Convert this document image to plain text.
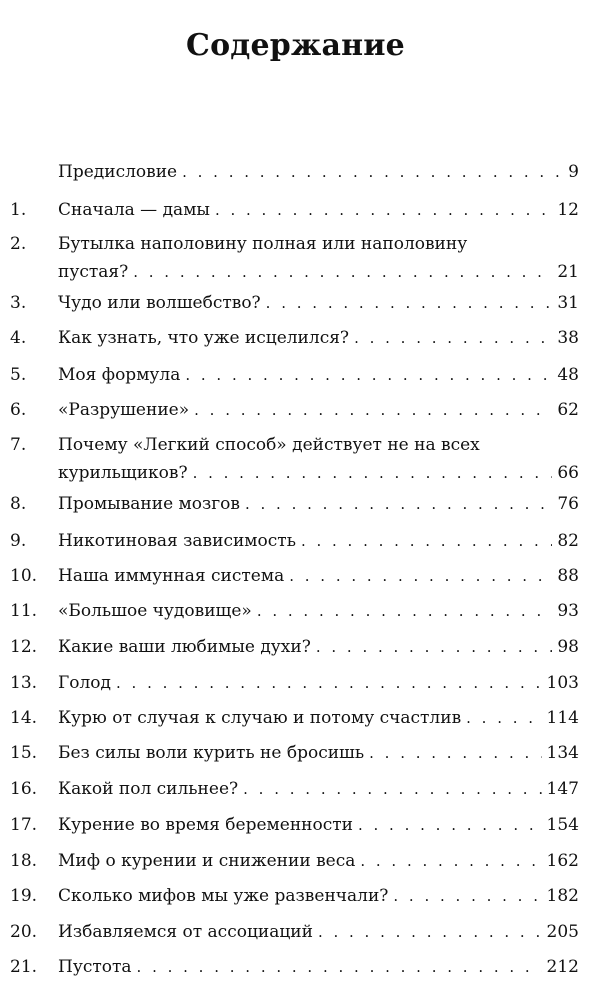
Содержание
Предисловие . . .	9
1. Сначала — дамы . . .	12
2. Бутылка наполовину полная или наполовину
пустая? . . .	21
3. Чудо или волшебство? . . .	31
4. Как узнать, что уже исцелился? . . .	38
5. Моя формула . . .	48
6. «Разрушение» . . .	62
7. Почему «Легкий способ» действует не на всех
курильщиков? . . .	66
8. Промывание мозгов . . .	76
9. Никотиновая зависимость . . .	82
10. Наша иммунная система . . .	88
11. «Большое чудовище» . . .	93
12. Какие ваши любимые духи? . . .	98
13. Голод . . .	103
14. Курю от случая к случаю и потому счастлив . . .	114
15. Без силы воли курить не бросишь . . .	134
16. Какой пол сильнее? . . .	147
17. Курение во время беременности . . .	154
18. Миф о курении и снижении веса . . .	162
19. Сколько мифов мы уже развенчали? . . .	182
20. Избавляемся от ассоциаций . . .	205
21. Пустота . . .	212
